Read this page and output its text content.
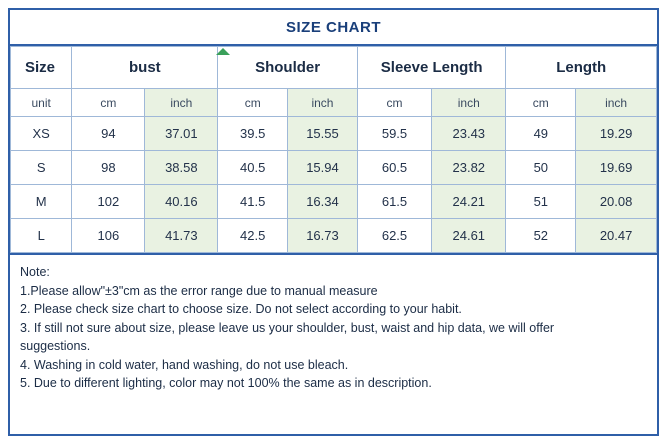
SIZE CHART
Size	bust		Shoulder		Sleeve Length		Length	
unit	cm	inch	cm	inch	cm	inch	cm	inch
XS	94	37.01	39.5	15.55	59.5	23.43	49	19.29
S	98	38.58	40.5	15.94	60.5	23.82	50	19.69
M	102	40.16	41.5	16.34	61.5	24.21	51	20.08
L	106	41.73	42.5	16.73	62.5	24.61	52	20.47
Note:
1.Please allow"±3"cm as the error range due to manual measure
2. Please check size chart to choose size. Do not select according to your habit.
3. If still not sure about size, please leave us your shoulder, bust, waist and hip data, we will offer
suggestions.
4. Washing in cold water, hand washing, do not use bleach.
5. Due to different lighting, color may not 100% the same as in description.
